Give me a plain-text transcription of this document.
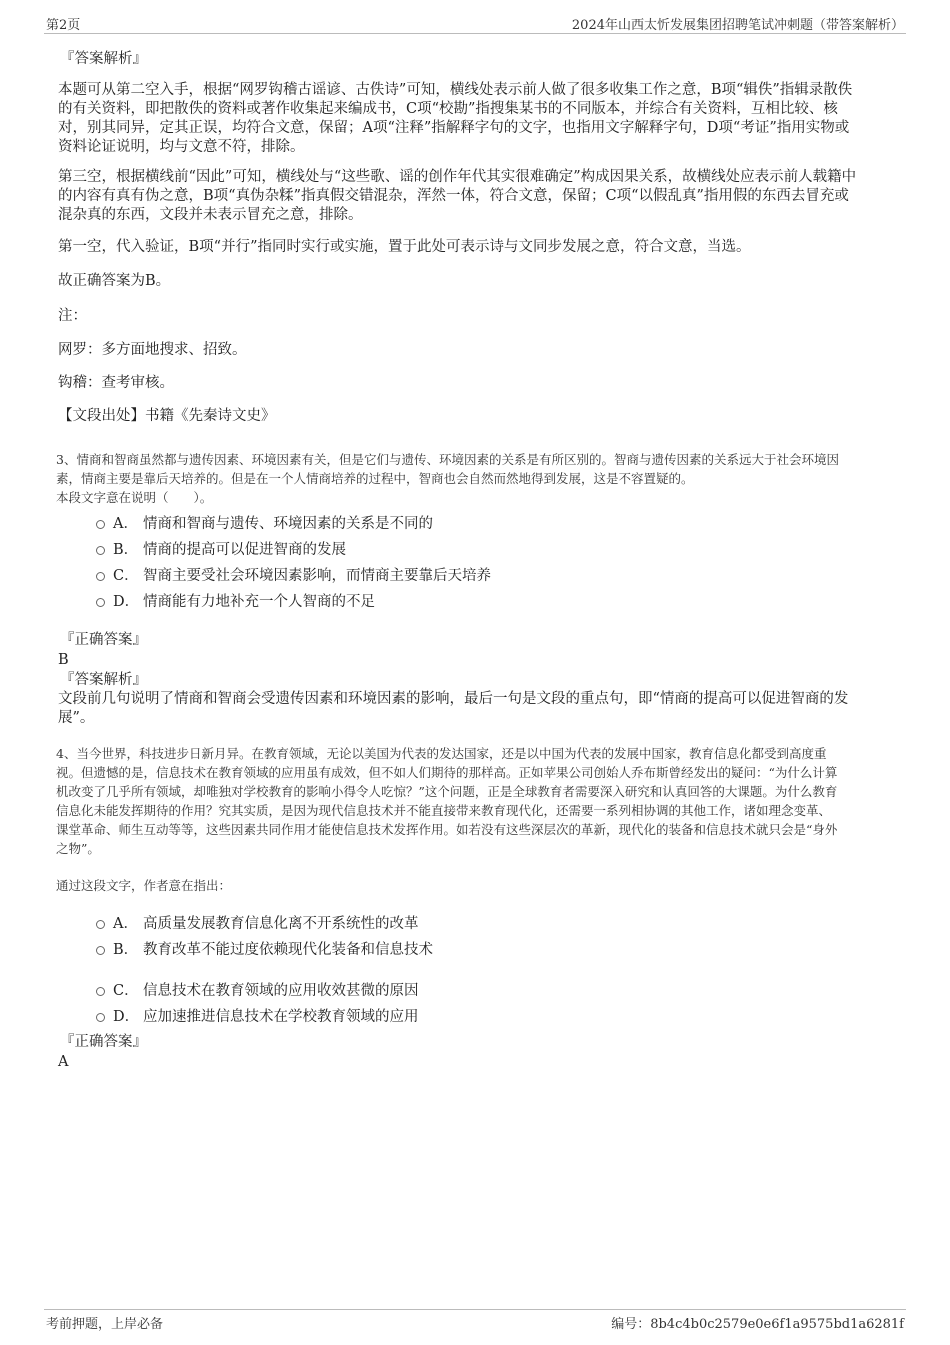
第2页	2024年山西太忻发展集团招聘笔试冲刺题（带答案解析）
『答案解析』
本题可从第二空入手，根据“网罗钩稽古谣谚、古佚诗”可知，横线处表示前人做了很多收集工作之意，B项“辑佚”指辑录散佚
的有关资料，即把散佚的资料或著作收集起来编成书，C项“校勘”指搜集某书的不同版本，并综合有关资料，互相比较、核
对，别其同异，定其正误，均符合文意，保留；A项“注释”指解释字句的文字，也指用文字解释字句，D项“考证”指用实物或
资料论证说明，均与文意不符，排除。
第三空，根据横线前“因此”可知，横线处与“这些歌、谣的创作年代其实很难确定”构成因果关系，故横线处应表示前人载籍中
的内容有真有伪之意，B项“真伪杂糅”指真假交错混杂，浑然一体，符合文意，保留；C项“以假乱真”指用假的东西去冒充或
混杂真的东西，文段并未表示冒充之意，排除。
第一空，代入验证，B项“并行”指同时实行或实施，置于此处可表示诗与文同步发展之意，符合文意，当选。
故正确答案为B。
注：
网罗：多方面地搜求、招致。
钩稽：查考审核。
【文段出处】书籍《先秦诗文史》
3、情商和智商虽然都与遗传因素、环境因素有关，但是它们与遗传、环境因素的关系是有所区别的。智商与遗传因素的关系远大于社会环境因
素，情商主要是靠后天培养的。但是在一个人情商培养的过程中，智商也会自然而然地得到发展，这是不容置疑的。
本段文字意在说明（　　）。
A． 情商和智商与遗传、环境因素的关系是不同的
B． 情商的提高可以促进智商的发展
C． 智商主要受社会环境因素影响，而情商主要靠后天培养
D． 情商能有力地补充一个人智商的不足
『正确答案』
B
『答案解析』
文段前几句说明了情商和智商会受遗传因素和环境因素的影响，最后一句是文段的重点句，即“情商的提高可以促进智商的发
展”。
4、当今世界，科技进步日新月异。在教育领域，无论以美国为代表的发达国家，还是以中国为代表的发展中国家，教育信息化都受到高度重
视。但遗憾的是，信息技术在教育领域的应用虽有成效，但不如人们期待的那样高。正如苹果公司创始人乔布斯曾经发出的疑问：“为什么计算
机改变了几乎所有领域，却唯独对学校教育的影响小得令人吃惊？”这个问题，正是全球教育者需要深入研究和认真回答的大课题。为什么教育
信息化未能发挥期待的作用？究其实质，是因为现代信息技术并不能直接带来教育现代化，还需要一系列相协调的其他工作，诸如理念变革、
课堂革命、师生互动等等，这些因素共同作用才能使信息技术发挥作用。如若没有这些深层次的革新，现代化的装备和信息技术就只会是“身外
之物”。
通过这段文字，作者意在指出：
A． 高质量发展教育信息化离不开系统性的改革
B． 教育改革不能过度依赖现代化装备和信息技术
C． 信息技术在教育领域的应用收效甚微的原因
D． 应加速推进信息技术在学校教育领域的应用
『正确答案』
A
考前押题，上岸必备	编号：8b4c4b0c2579e0e6f1a9575bd1a6281f
